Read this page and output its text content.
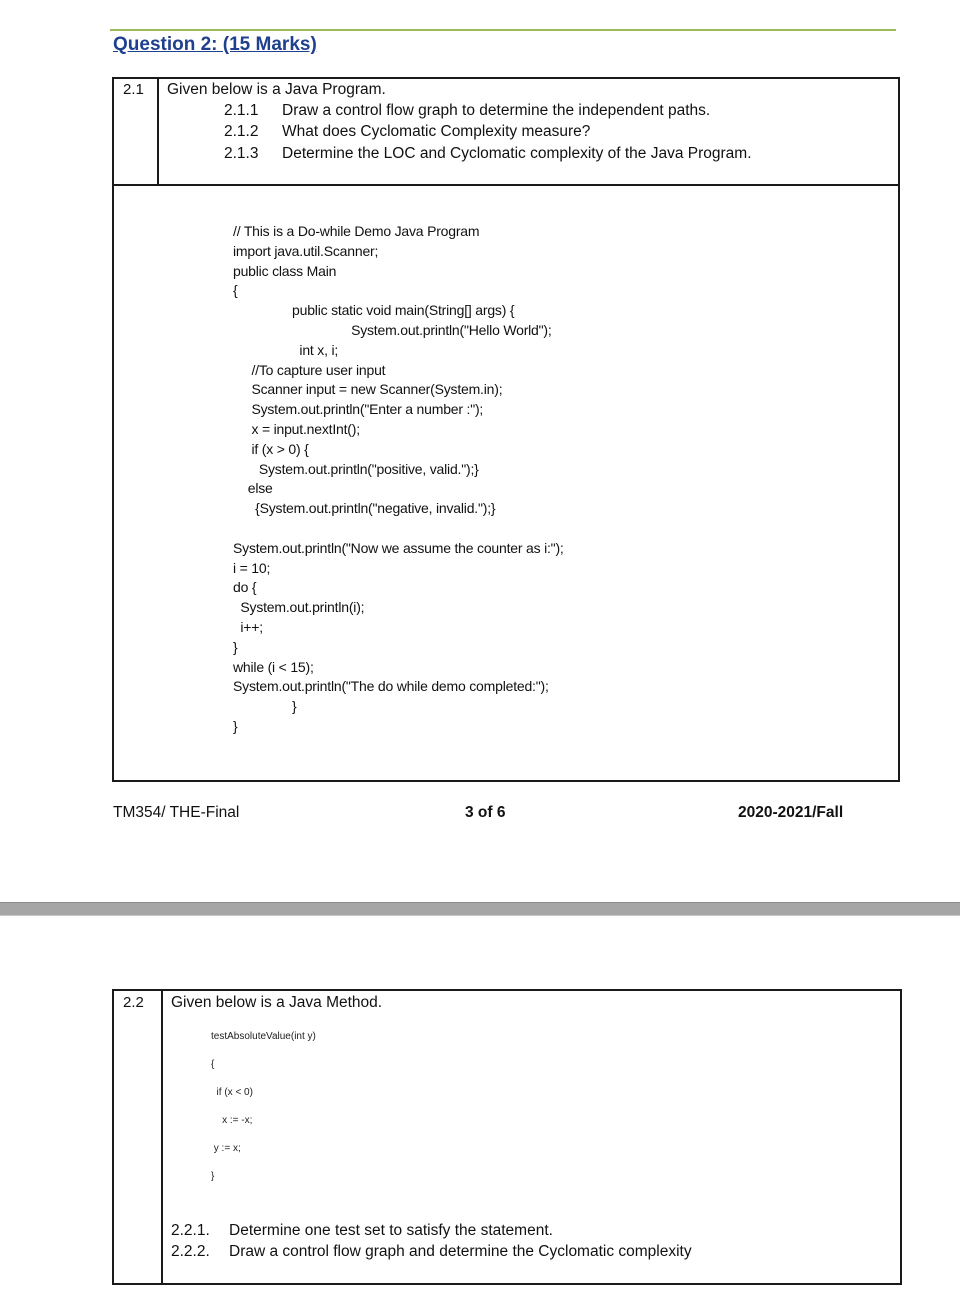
Question 2: (15 Marks)
2.1 Given below is a Java Program.
2.1.1 Draw a control flow graph to determine the independent paths.
2.1.2 What does Cyclomatic Complexity measure?
2.1.3 Determine the LOC and Cyclomatic complexity of the Java Program.
// This is a Do-while Demo Java Program
import java.util.Scanner;
public class Main
{
public static void main(String[] args) {
System.out.println("Hello World");
int x, i;
//To capture user input
Scanner input = new Scanner(System.in);
System.out.println("Enter a number :");
x = input.nextInt();
if (x > 0) {
System.out.println("positive, valid.");}
else
{System.out.println("negative, invalid.");}

System.out.println("Now we assume the counter as i:");
i = 10;
do {
System.out.println(i);
i++;
}
while (i < 15);
System.out.println("The do while demo completed:");
}
}
TM354/ THE-Final	3 of 6	2020-2021/Fall
2.2 Given below is a Java Method.
testAbsoluteValue(int y)

{

if (x < 0)

x := -x;

y := x;

}
2.2.1. Determine one test set to satisfy the statement.
2.2.2. Draw a control flow graph and determine the Cyclomatic complexity
